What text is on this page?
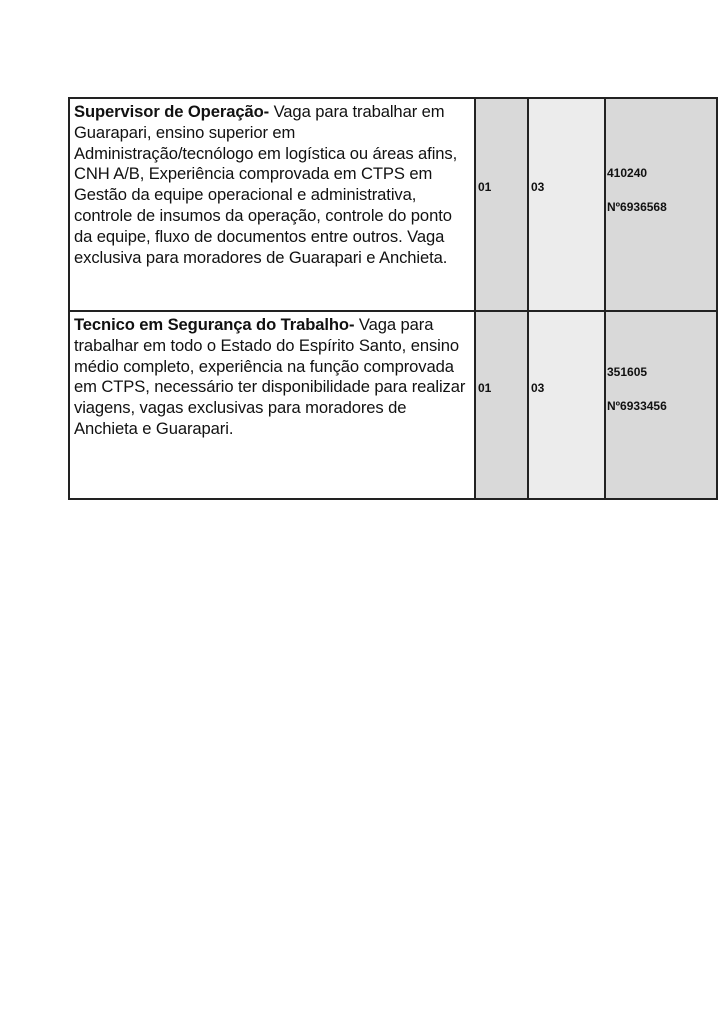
Supervisor de Operação- Vaga para trabalhar em Guarapari, ensino superior em Administração/tecnólogo em logística ou áreas afins, CNH A/B, Experiência comprovada em CTPS em Gestão da equipe operacional e administrativa, controle de insumos da operação, controle do ponto da equipe, fluxo de documentos entre outros. Vaga exclusiva para moradores de Guarapari e Anchieta.
01	03
410240
Nº6936568
Tecnico em Segurança do Trabalho- Vaga para trabalhar em todo o Estado do Espírito Santo, ensino médio completo, experiência na função comprovada em CTPS, necessário ter disponibilidade para realizar viagens, vagas exclusivas para moradores de Anchieta e Guarapari.
01	03
351605
Nº6933456
